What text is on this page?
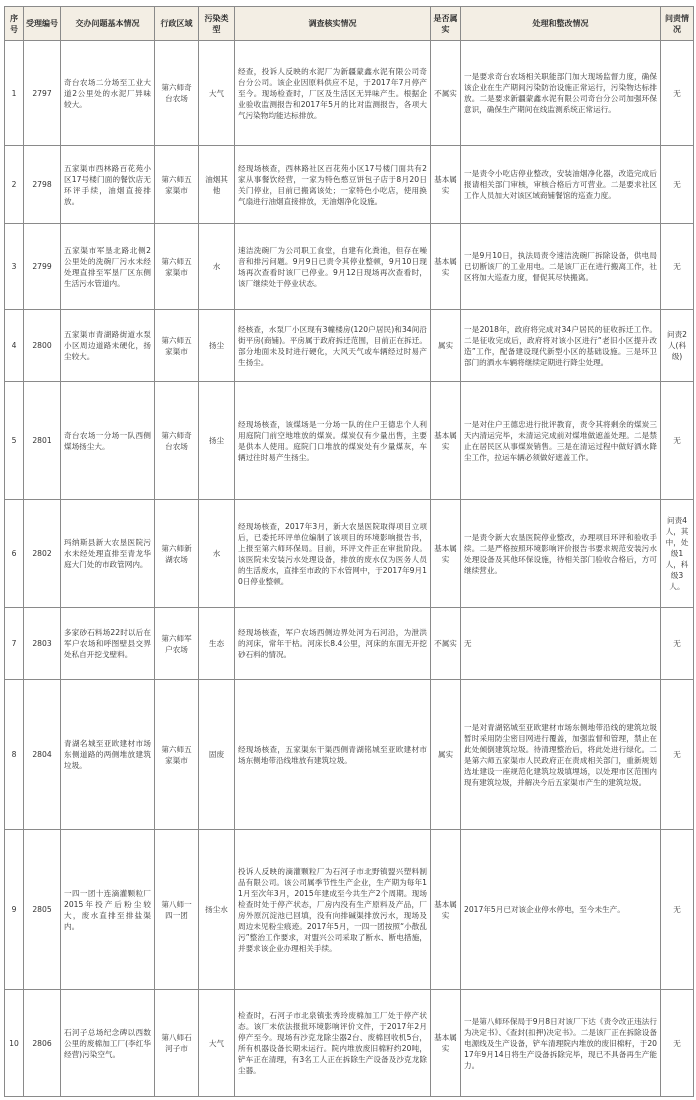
序号	受理编号	交办问题基本情况	行政区域	污染类型	调查核实情况	是否属实	处理和整改情况	问责情况
1	2797	奇台农场二分场至工业大道2公里处的水泥厂异味较大。	第六师奇台农场	大气	经查，投诉人反映的水泥厂为新疆蒙鑫水泥有限公司奇台分公司。该企业因原料供应不足，于2017年7月停产至今。现场检查时，厂区及生活区无异味产生。根据企业验收监测报告和2017年5月的比对监测报告，各项大气污染物均能达标排放。	不属实	一是要求奇台农场相关职能部门加大现场监督力度，确保该企业在生产期间污染防治设施正常运行，污染物达标排放。二是要求新疆蒙鑫水泥有限公司奇台分公司加强环保意识，确保生产期间在线监测系统正常运行。	无
2	2798	五家渠市西林路百花苑小区17号楼门面的餐饮店无环评手续，油烟直接排放。	第六师五家渠市	油烟其他	经现场核查，西林路社区百花苑小区17号楼门面共有2家从事餐饮经营，一家为特色憨豆饼包子店于8月20日关门停业，目前已搬离该处；一家特色小吃店，使用换气扇进行油烟直接排放，无油烟净化设施。	基本属实	一是责令小吃店停业整改，安装油烟净化器，改造完成后报请相关部门审核，审核合格后方可营业。二是要求社区工作人员加大对该区域商铺餐馆的巡查力度。	无
3	2799	五家渠市军垦北路北侧2公里处的洗碗厂污水未经处理直排至军垦厂区东侧生活污水管道内。	第六师五家渠市	水	速洁洗碗厂为公司职工食堂，自建有化粪池，但存在噪音和排污问题。9月9日已责令其停业整顿，9月10日现场再次查看时该厂已停业。9月12日现场再次查看时，该厂继续处于停业状态。	基本属实	一是9月10日，执法局责令速洁洗碗厂拆除设备，供电局已切断该厂的工业用电。二是该厂正在进行搬离工作，社区将加大巡查力度，督促其尽快搬离。	无
4	2800	五家渠市青湖路街道水泵小区周边道路未硬化，扬尘较大。	第六师五家渠市	扬尘	经核查，水泵厂小区现有3幢楼房(120户居民)和34间沿街平房(商铺)。平房属于政府拆迁范围，目前正在拆迁。部分地面未及时进行硬化，大风天气或车辆经过时易产生扬尘。	属实	一是2018年，政府将完成对34户居民的征收拆迁工作。二是征收完成后，政府将对该小区进行“老旧小区提升改造”工作，配备建设现代新型小区的基础设施。三是环卫部门的洒水车辆将继续定期进行降尘处理。	问责2人(科级)
5	2801	奇台农场一分场一队西侧煤场扬尘大。	第六师奇台农场	扬尘	经现场核查，该煤场是一分场一队的住户王德忠个人利用庭院门前空地堆放的煤炭。煤炭仅有少量出售，主要是供本人使用。庭院门口堆放的煤炭处有少量煤灰，车辆过往时易产生扬尘。	基本属实	一是对住户王德忠进行批评教育，责令其将剩余的煤炭三天内清运完毕，未清运完成前对煤堆做遮盖处理。二是禁止在居民区从事煤炭销售。三是在清运过程中做好洒水降尘工作，拉运车辆必须做好遮盖工作。	无
6	2802	玛纳斯县新大农垦医院污水未经处理直排至青龙华庭大门处的市政管网内。	第六师新湖农场	水	经现场核查，2017年3月，新大农垦医院取得项目立项后，已委托环评单位编制了该项目的环境影响报告书，上报至第六师环保局。目前，环评文件正在审批阶段。该医院未安装污水处理设备，排放的废水仅为医务人员的生活废水，直排至市政的下水管网中，于2017年9月10日停业整顿。	基本属实	一是责令新大农垦医院停业整改，办理项目环评和验收手续。二是严格按照环境影响评价报告书要求规范安装污水处理设备及其他环保设施，待相关部门验收合格后，方可继续营业。	问责4人，其中，处级1人，科级3人。
7	2803	多家砂石料场22时以后在军户农场和呼图壁县交界处私自开挖戈壁料。	第六师军户农场	生态	经现场核查，军户农场西侧边界处河为石河沿，为泄洪的河床，常年干枯。河床长8.4公里，河床的东面无开挖砂石料的情况。	不属实	无	无
8	2804	青湖名城至亚欧建材市场东侧道路的两侧堆放建筑垃圾。	第六师五家渠市	固废	经现场核查，五家渠东干渠西侧青湖铭城至亚欧建材市场东侧地带沿线堆放有建筑垃圾。	属实	一是对青湖铭城至亚欧建材市场东侧地带沿线的建筑垃圾暂时采用防尘密目网进行覆盖，加强监督和管理，禁止在此处倾倒建筑垃圾。待清理整治后，将此处进行绿化。二是第六师五家渠市人民政府正在责成相关部门，重新规划选址建设一座规范化建筑垃圾填埋场，以处理市区范围内现有建筑垃圾，并解决今后五家渠市产生的建筑垃圾。	无
9	2805	一四一团十连滴灌颗粒厂2015年投产后粉尘较大，废水直排至排盐渠内。	第八师一四一团	扬尘水	投诉人反映的滴灌颗粒厂为石河子市北野镇盟兴塑料制品有限公司。该公司属季节性生产企业，生产期为每年11月至次年3月，2015年建成至今共生产2个周期。现场检查时处于停产状态，厂房内没有生产原料及产品，厂房外原沉淀池已回填，没有向排碱渠排放污水，现场及周边未见粉尘痕迹。2017年5月，一四一团按照“小散乱污”整治工作要求，对盟兴公司采取了断水、断电措施，并要求该企业办理相关手续。	基本属实	2017年5月已对该企业停水停电，至今未生产。	无
10	2806	石河子总场纪念碑以西数公里的废棉加工厂(李红华经营)污染空气。	第八师石河子市	大气	检查时，石河子市北泉镇张秀玲废棉加工厂处于停产状态。该厂未依法报批环境影响评价文件，于2017年2月停产至今。现场有沙克龙除尘器2台、废棉回收机5台，所有机器设备长期未运行。院内堆放废旧棉籽约20吨，铲车正在清理，有3名工人正在拆除生产设备及沙克龙除尘器。	基本属实	一是第八师环保局于9月8日对该厂下达《责令改正违法行为决定书》、《查封(扣押)决定书》。二是该厂正在拆除设备电源线及生产设备，铲车清理院内堆放的废旧棉籽，于2017年9月14日将生产设备拆除完毕，现已不具备再生产能力。	无
